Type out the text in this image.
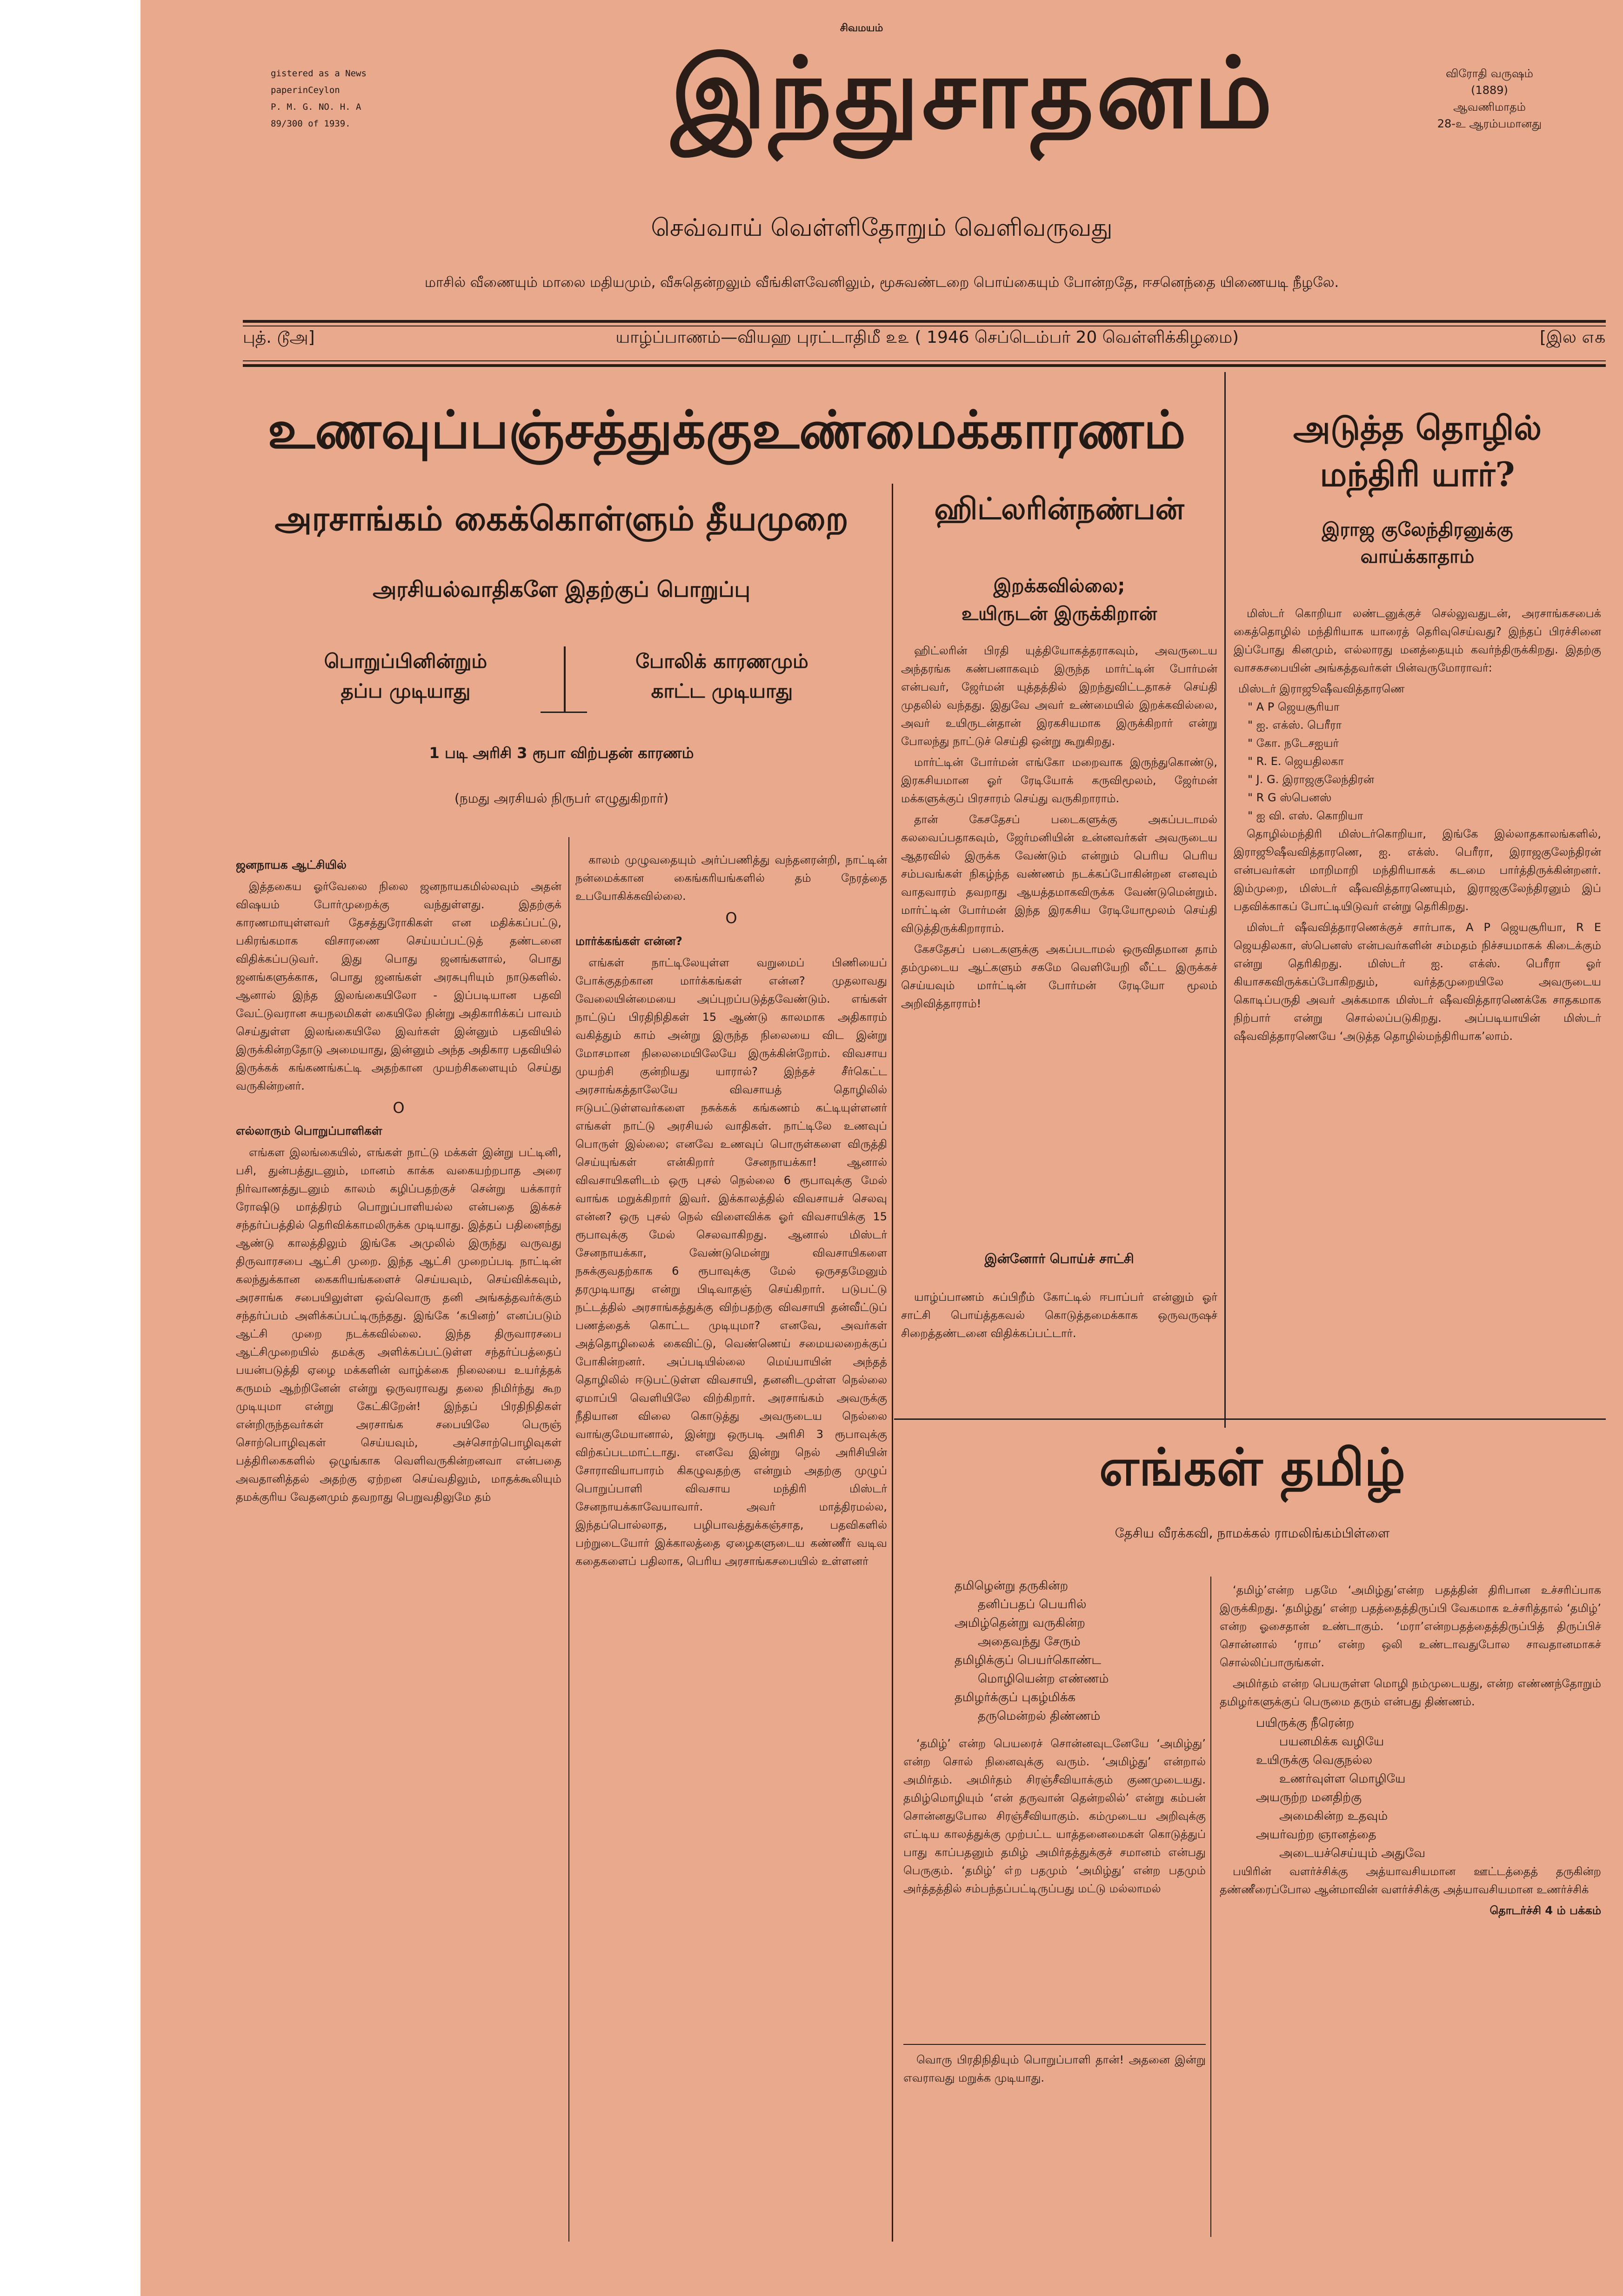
gistered as a News
paperinCeylon
P. M. G. NO. H. A
89/300 of 1939.
சிவமயம்
இந்துசாதனம்	விரோதி வருஷம்
(1889)
ஆவணிமாதம்
28-உ ஆரம்பமானது
செவ்வாய் வெள்ளிதோறும் வெளிவருவது
மாசில் வீணையும் மாலை மதியமும், வீசுதென்றலும் வீங்கிளவேனிலும், மூசுவண்டறை பொய்கையும் போன்றதே, ஈசனெந்தை யிணையடி நீழலே.
புத். டூஅ]	யாழ்ப்பாணம்—வியஹ புரட்டாதிமீ ௨௨ ( 1946 செப்டெம்பர் 20 வெள்ளிக்கிழமை)	[இல ௭௧
உணவுப்பஞ்சத்துக்குஉண்மைக்காரணம்
அரசாங்கம் கைக்கொள்ளும் தீயமுறை
அரசியல்வாதிகளே இதற்குப் பொறுப்பு
பொறுப்பினின்றும்
தப்ப முடியாது
போலிக் காரணமும்
காட்ட முடியாது
1 படி அரிசி 3 ரூபா விற்பதன் காரணம்
(நமது அரசியல் நிருபர் எழுதுகிறார்)

ஜனநாயக ஆட்சியில்

இத்தகைய ஓர்வேலை நிலை ஜனநாயகமில்லவும் அதன் விஷயம் போர்முறைக்கு வந்துள்ளது. இதற்குக் காரணமாயுள்ளவர் தேசத்துரோகிகள் என மதிக்கப்பட்டு, பகிரங்கமாக விசாரணை செய்யப்பட்டுத் தண்டனை விதிக்கப்படுவர். இது பொது ஜனங்களால், பொது ஜனங்களுக்காக, பொது ஜனங்கள் அரசுபுரியும் நாடுகளில். ஆனால் இந்த இலங்கையிலோ - இப்படியான பதவி வேட்டுவரான சுயநலமிகள் கையிலே நின்று அதிகாரிக்கப் பாவம் செய்துள்ள இலங்கையிலே இவர்கள் இன்னும் பதவியில் இருக்கின்றதோடு அமையாது, இன்னும் அந்த அதிகார பதவியில் இருக்கக் கங்கணங்கட்டி அதற்கான முயற்சிகளையும் செய்து வருகின்றனர்.

O

எல்லாரும் பொறுப்பாளிகள்

எங்கள இலங்கையில், எங்கள் நாட்டு மக்கள் இன்று பட்டினி, பசி, துன்பத்துடனும், மானம் காக்க வகையற்றபாத அரை நிர்வாணத்துடனும் காலம் கழிப்பதற்குச் சென்று யக்காரர் ரோஷிடு மாத்திரம் பொறுப்பாளியல்ல என்பதை இக்கச் சந்தர்ப்பத்தில் தெரிவிக்காமலிருக்க முடியாது. இத்தப் பதினைந்து ஆண்டு காலத்திலும் இங்கே அமுலில் இருந்து வருவது திருவாரசபை ஆட்சி முறை. இந்த ஆட்சி முறைப்படி நாட்டின் கலந்துக்கான கைகரியங்களைச் செய்யவும், செய்விக்கவும், அரசாங்க சபையிலுள்ள ஒவ்வொரு தனி அங்கத்தவர்க்கும் சந்தர்ப்பம் அளிக்கப்பட்டிருந்தது. இங்கே ‘கபினற்’ எனப்படும் ஆட்சி முறை நடக்கவில்லை. இந்த திருவாரசபை ஆட்சிமுறையில் தமக்கு அளிக்கப்பட்டுள்ள சந்தர்ப்பத்தைப் பயன்படுத்தி ஏழை மக்களின் வாழ்க்கை நிலையை உயர்த்தக் கருமம் ஆற்றினேன் என்று ஒருவராவது தலை நிமிர்ந்து கூற முடியுமா என்று கேட்கிறேன்! இந்தப் பிரதிநிதிகள் என்றிருந்தவர்கள் அரசாங்க சபையிலே பெருஞ் சொற்பொழிவுகள் செய்யவும், அச்சொற்பொழிவுகள் பத்திரிகைகளில் ஒழுங்காக வெளிவருகின்றனவா என்பதை அவதானித்தல் அதற்கு ஏற்றன செய்வதிலும், மாதக்கூலியும் தமக்குரிய வேதனமும் தவறாது பெறுவதிலுமே தம்

காலம் முழுவதையும் அர்ப்பணித்து வந்தனரன்றி, நாட்டின் நன்மைக்கான கைங்கரியங்களில் தம் நேரத்தை உபயோகிக்கவில்லை.

O

மார்க்கங்கள் என்ன?

எங்கள் நாட்டிலேயுள்ள வறுமைப் பிணியைப் போக்குதற்கான மார்க்கங்கள் என்ன? முதலாவது வேலையின்மையை அப்புறப்படுத்தவேண்டும். எங்கள் நாட்டுப் பிரதிநிதிகள் 15 ஆண்டு காலமாக அதிகாரம் வகித்தும் காம் அன்று இருந்த நிலையை விட இன்று மோசமான நிலைமையிலேயே இருக்கின்றோம். விவசாய முயற்சி குன்றியது யாரால்? இந்தச் சீர்கெட்ட அரசாங்கத்தாலேயே விவசாயத் தொழிலில் ஈடுபட்டுள்ளவர்களை நசுக்கக் கங்கணம் கட்டியுள்ளனர் எங்கள் நாட்டு அரசியல் வாதிகள். நாட்டிலே உணவுப் பொருள் இல்லை; எனவே உணவுப் பொருள்களை விருத்தி செய்யுங்கள் என்கிறார் சேனநாயக்கா! ஆனால் விவசாயிகளிடம் ஒரு புசல் நெல்லை 6 ரூபாவுக்கு மேல் வாங்க மறுக்கிறார் இவர். இக்காலத்தில் விவசாயச் செலவு என்ன? ஒரு புசல் நெல் விளைவிக்க ஓர் விவசாயிக்கு 15 ரூபாவுக்கு மேல் செலவாகிறது. ஆனால் மிஸ்டர் சேனநாயக்கா, வேண்டுமென்று விவசாயிகளை நசுக்குவதற்காக 6 ரூபாவுக்கு மேல் ஒருசதமேனும் தரமுடியாது என்று பிடிவாதஞ் செய்கிறார். படுபட்டு நட்டத்தில் அரசாங்கத்துக்கு விற்பதற்கு விவசாயி தன்வீட்டுப் பணத்தைக் கொட்ட முடியுமா? எனவே, அவர்கள் அத்தொழிலைக் கைவிட்டு, வெண்ணெய் சமையலறைக்குப் போகின்றனர். அப்படியில்லை மெய்யாயின் அந்தத் தொழிலில் ஈடுபட்டுள்ள விவசாயி, தனனிடமுள்ள நெல்லை ஏமாப்பி வெளியிலே விற்கிறார். அரசாங்கம் அவருக்கு நீதியான விலை கொடுத்து அவருடைய நெல்லை வாங்குமேயானால், இன்று ஒருபடி அரிசி 3 ரூபாவுக்கு விற்கப்படமாட்டாது. எனவே இன்று நெல் அரிசியின் சோராவியாபாரம் கிகழுவதற்கு என்றும் அதற்கு முழுப் பொறுப்பாளி விவசாய மந்திரி மிஸ்டர் சேனநாயக்காவேயாவார். அவர் மாத்திரமல்ல, இந்தப்பொல்லாத, பழிபாவத்துக்கஞ்சாத, பதவிகளில் பற்றுடையோர் இக்காலத்தை ஏழைகளுடைய கண்ணீர் வடிவ கதைகளைப் பதிலாக, பெரிய அரசாங்கசபையில் உள்ளனர்

ஹிட்லரின்நண்பன்
இறக்கவில்லை;
உயிருடன் இருக்கிறான்

ஹிட்லரின் பிரதி யுத்தியோகத்தராகவும், அவருடைய அந்தரங்க கண்பனாகவும் இருந்த மார்ட்டின் போர்மன் என்பவர், ஜேர்மன் யுத்தத்தில் இறந்துவிட்டதாகச் செய்தி முதலில் வந்தது. இதுவே அவர் உண்மையில் இறக்கவில்லை, அவர் உயிருடன்தான் இரகசியமாக இருக்கிறார் என்று போலந்து நாட்டுச் செய்தி ஒன்று கூறுகிறது.

மார்ட்டின் போர்மன் எங்கோ மறைவாக இருந்துகொண்டு, இரகசியமான ஓர் ரேடியோக் கருவிமூலம், ஜேர்மன் மக்களுக்குப் பிரசாரம் செய்து வருகிறாராம்.

தான் கேசதேசப் படைகளுக்கு அகப்படாமல் கலவைப்பதாகவும், ஜேர்மனியின் உன்னவர்கள் அவருடைய ஆதரவில் இருக்க வேண்டும் என்றும் பெரிய பெரிய சம்பவங்கள் நிகழ்ந்த வண்ணம் நடக்கப்போகின்றன எனவும் வாதவாரம் தவறாது ஆயத்தமாகவிருக்க வேண்டுமென்றும். மார்ட்டின் போர்மன் இந்த இரகசிய ரேடியோமூலம் செய்தி விடுத்திருக்கிறாராம்.

கேசதேசப் படைகளுக்கு அகப்படாமல் ஒருவிதமான தாம் தம்முடைய ஆட்களும் சகமே வெளியேறி லீட்ட இருக்கச் செய்யவும் மார்ட்டின் போர்மன் ரேடியோ மூலம் அறிவித்தாராம்!

இன்னோர் பொய்ச் சாட்சி

யாழ்ப்பாணம் சுப்பிறீம் கோட்டில் ஈபாப்பர் என்னும் ஓர் சாட்சி பொய்த்தகவல் கொடுத்தமைக்காக ஒருவருஷச் சிறைத்தண்டனை விதிக்கப்பட்டார்.

அடுத்த தொழில்
மந்திரி யார்?
இராஜ குலேந்திரனுக்கு
வாய்க்காதாம்

மிஸ்டர் கொறியா லண்டனுக்குச் செல்லுவதுடன், அரசாங்கசபைக் கைத்தொழில் மந்திரியாக யாரைத் தெரிவுசெய்வது? இந்தப் பிரச்சினை இப்போது கினமும், எல்லாரது மனத்தையும் கவர்ந்திருக்கிறது. இதற்கு வாசகசபையின் அங்கத்தவர்கள் பின்வருமோராவர்:

மிஸ்டர் இராஜூஷீவவித்தாரணெ
" A P ஜெயசூரியா
" ஐ. எக்ஸ். பெரீரா
" கோ. நடேசஐயர்
" R. E. ஜெயதிலகா
" J. G. இராஜகுலேந்திரன்
" R G ஸ்பெனஸ்
" ஐ வி. எஸ். கொறியா

தொழில்மந்திரி மிஸ்டர்கொறியா, இங்கே இல்லாதகாலங்களில், இராஜூஷீவவித்தாரணெ, ஐ. எக்ஸ். பெரீரா, இராஜகுலேந்திரன் என்பவர்கள் மாறிமாறி மந்திரியாகக் கடமை பார்த்திருக்கின்றனர். இம்முறை, மிஸ்டர் ஷீவவித்தாரணெயும், இராஜகுலேந்திரனும் இப் பதவிக்காகப் போட்டியிடுவர் என்று தெரிகிறது.

மிஸ்டர் ஷீவவித்தாரணெக்குச் சார்பாக, A P ஜெயசூரியா, R E ஜெயதிலகா, ஸ்பெனஸ் என்பவர்களின் சம்மதம் நிச்சயமாகக் கிடைக்கும் என்று தெரிகிறது. மிஸ்டர் ஐ. எக்ஸ். பெரீரா ஓர் கியாசகவிருக்கப்போகிறதும், வர்த்தமுறையிலே அவருடைய கொடிப்பருதி அவர் அக்கமாக மிஸ்டர் ஷீவவித்தாரணெக்கே சாதகமாக நிற்பார் என்று சொல்லப்படுகிறது. அப்படியாயின் மிஸ்டர் ஷீவவித்தாரணெயே ‘அடுத்த தொழில்மந்திரியாக’லாம்.

எங்கள் தமிழ்
தேசிய வீரக்கவி, நாமக்கல் ராமலிங்கம்பிள்ளை

தமிழென்று தருகின்ற

தனிப்பதப் பெயரில்

அமிழ்தென்று வருகின்ற

அதைவந்து சேரும்

தமிழிக்குப் பெயர்கொண்ட

மொழியென்ற எண்ணம்

தமிழர்க்குப் புகழ்மிக்க

தருமென்றல் திண்ணம்

‘தமிழ்’ என்ற பெயரைச் சொன்னவுடனேயே ‘அமிழ்து’ என்ற சொல் நினைவுக்கு வரும். ‘அமிழ்து’ என்றால் அமிர்தம். அமிர்தம் சிரஞ்சீவியாக்கும் குணமுடையது. தமிழ்மொழியும் ‘என் தருவான் தென்றலில்’ என்று கம்பன் சொன்னதுபோல சிரஞ்சீவியாகும். கம்முடைய அறிவுக்கு எட்டிய காலத்துக்கு முற்பட்ட யாத்தனைமைகள் கொடுத்துப் பாது காப்பதனும் தமிழ் அமிர்தத்துக்குச் சமானம் என்பது பெருகும். ‘தமிழ்’ எ்ற பதமும் ‘அமிழ்து’ என்ற பதமும் அர்த்தத்தில் சம்பந்தப்பட்டிருப்பது மட்டு மல்லாமல்

வொரு பிரதிநிதியும் பொறுப்பாளி தான்! அதனை இன்று எவராவது மறுக்க முடியாது.

‘தமிழ்’என்ற பதமே ‘அமிழ்து’என்ற பதத்தின் திரிபான உச்சரிப்பாக இருக்கிறது. ‘தமிழ்து’ என்ற பதத்தைத்திருப்பி வேகமாக உச்சரித்தால் ‘தமிழ்’ என்ற ஓசைதான் உண்டாகும். ‘மரா’என்றபதத்தைத்திருப்பித் திருப்பிச் சொன்னால் ‘ராம’ என்ற ஒலி உண்டாவதுபோல சாவதானமாகச் சொல்லிப்பாருங்கள்.

அமிர்தம் என்ற பெயருள்ள மொழி நம்முடையது, என்ற எண்ணந்தோறும் தமிழர்களுக்குப் பெருமை தரும் என்பது திண்ணம்.

பயிருக்கு நீரென்ற

பயனமிக்க வழியே

உயிருக்கு வெகுநல்ல

உணர்வுள்ள மொழியே

அயருற்ற மனதிற்கு

அமைகின்ற உதவும்

அயர்வற்ற ஞானத்தை

அடையச்செய்யும் அதுவே

பயிரின் வளர்ச்சிக்கு அத்யாவசியமான ஊட்டத்தைத் தருகின்ற தண்ணீரைப்போல ஆன்மாவின் வளர்ச்சிக்கு அத்யாவசியமான உணர்ச்சிக்

தொடர்ச்சி 4 ம் பக்கம்
